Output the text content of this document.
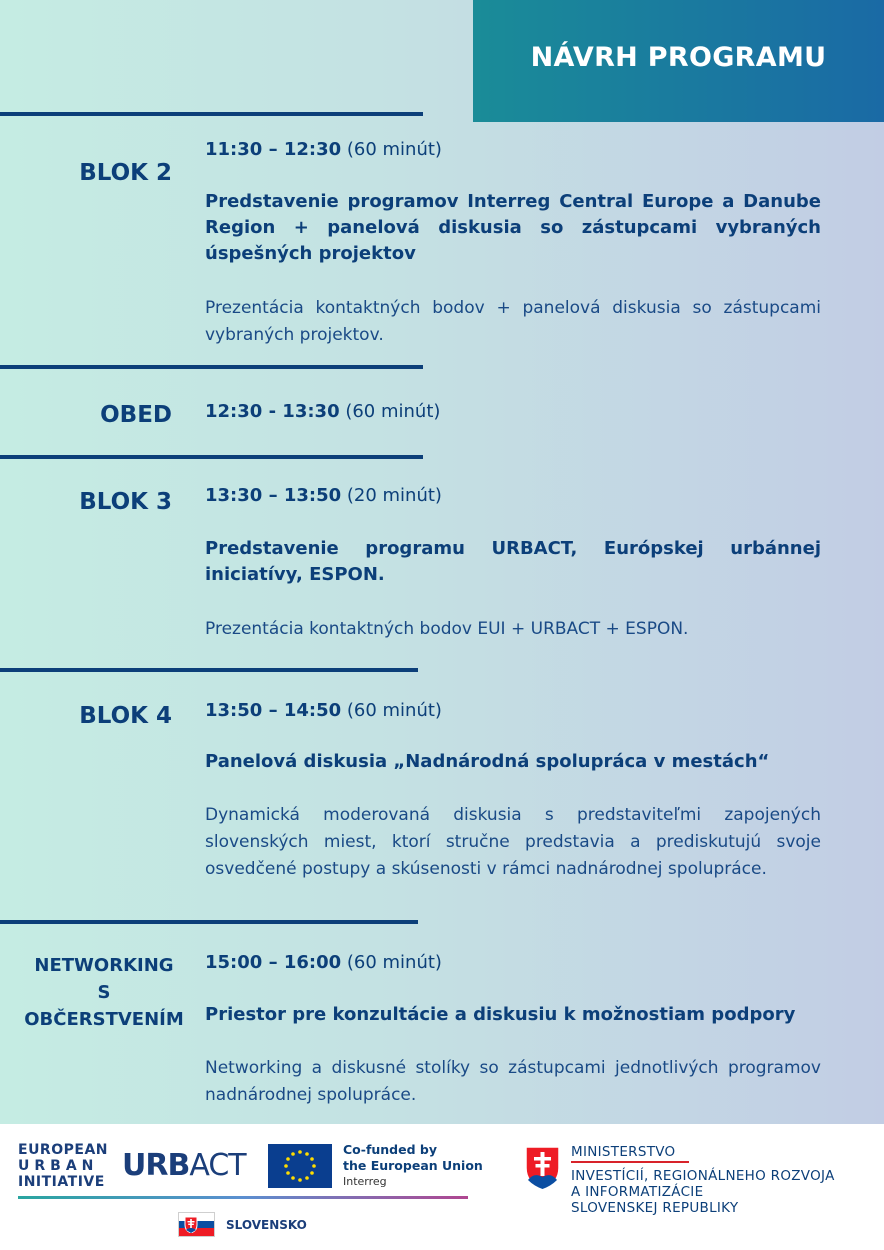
NÁVRH PROGRAMU
BLOK 2
11:30 – 12:30 (60 minút)
Predstavenie programov Interreg Central Europe a Danube Region + panelová diskusia so zástupcami vybraných úspešných projektov
Prezentácia kontaktných bodov + panelová diskusia so zástupcami vybraných projektov.
OBED 12:30 - 13:30 (60 minút)
BLOK 3 13:30 – 13:50 (20 minút)
Predstavenie programu URBACT, Európskej urbánnej iniciatívy, ESPON.
Prezentácia kontaktných bodov EUI + URBACT + ESPON.
BLOK 4 13:50 – 14:50 (60 minút)
Panelová diskusia „Nadnárodná spolupráca v mestách“
Dynamická moderovaná diskusia s predstaviteľmi zapojených slovenských miest, ktorí stručne predstavia a prediskutujú svoje osvedčené postupy a skúsenosti v rámci nadnárodnej spolupráce.
NETWORKING
S
OBČERSTVENÍM
15:00 – 16:00 (60 minút)
Priestor pre konzultácie a diskusiu k možnostiam podpory
Networking a diskusné stolíky so zástupcami jednotlivých programov nadnárodnej spolupráce.
EUROPEAN
URBAN
INITIATIVE URBACT	Co-funded by
the European Union
Interreg
SLOVENSKO
MINISTERSTVO
INVESTÍCIÍ, REGIONÁLNEHO ROZVOJA
A INFORMATIZÁCIE
SLOVENSKEJ REPUBLIKY
